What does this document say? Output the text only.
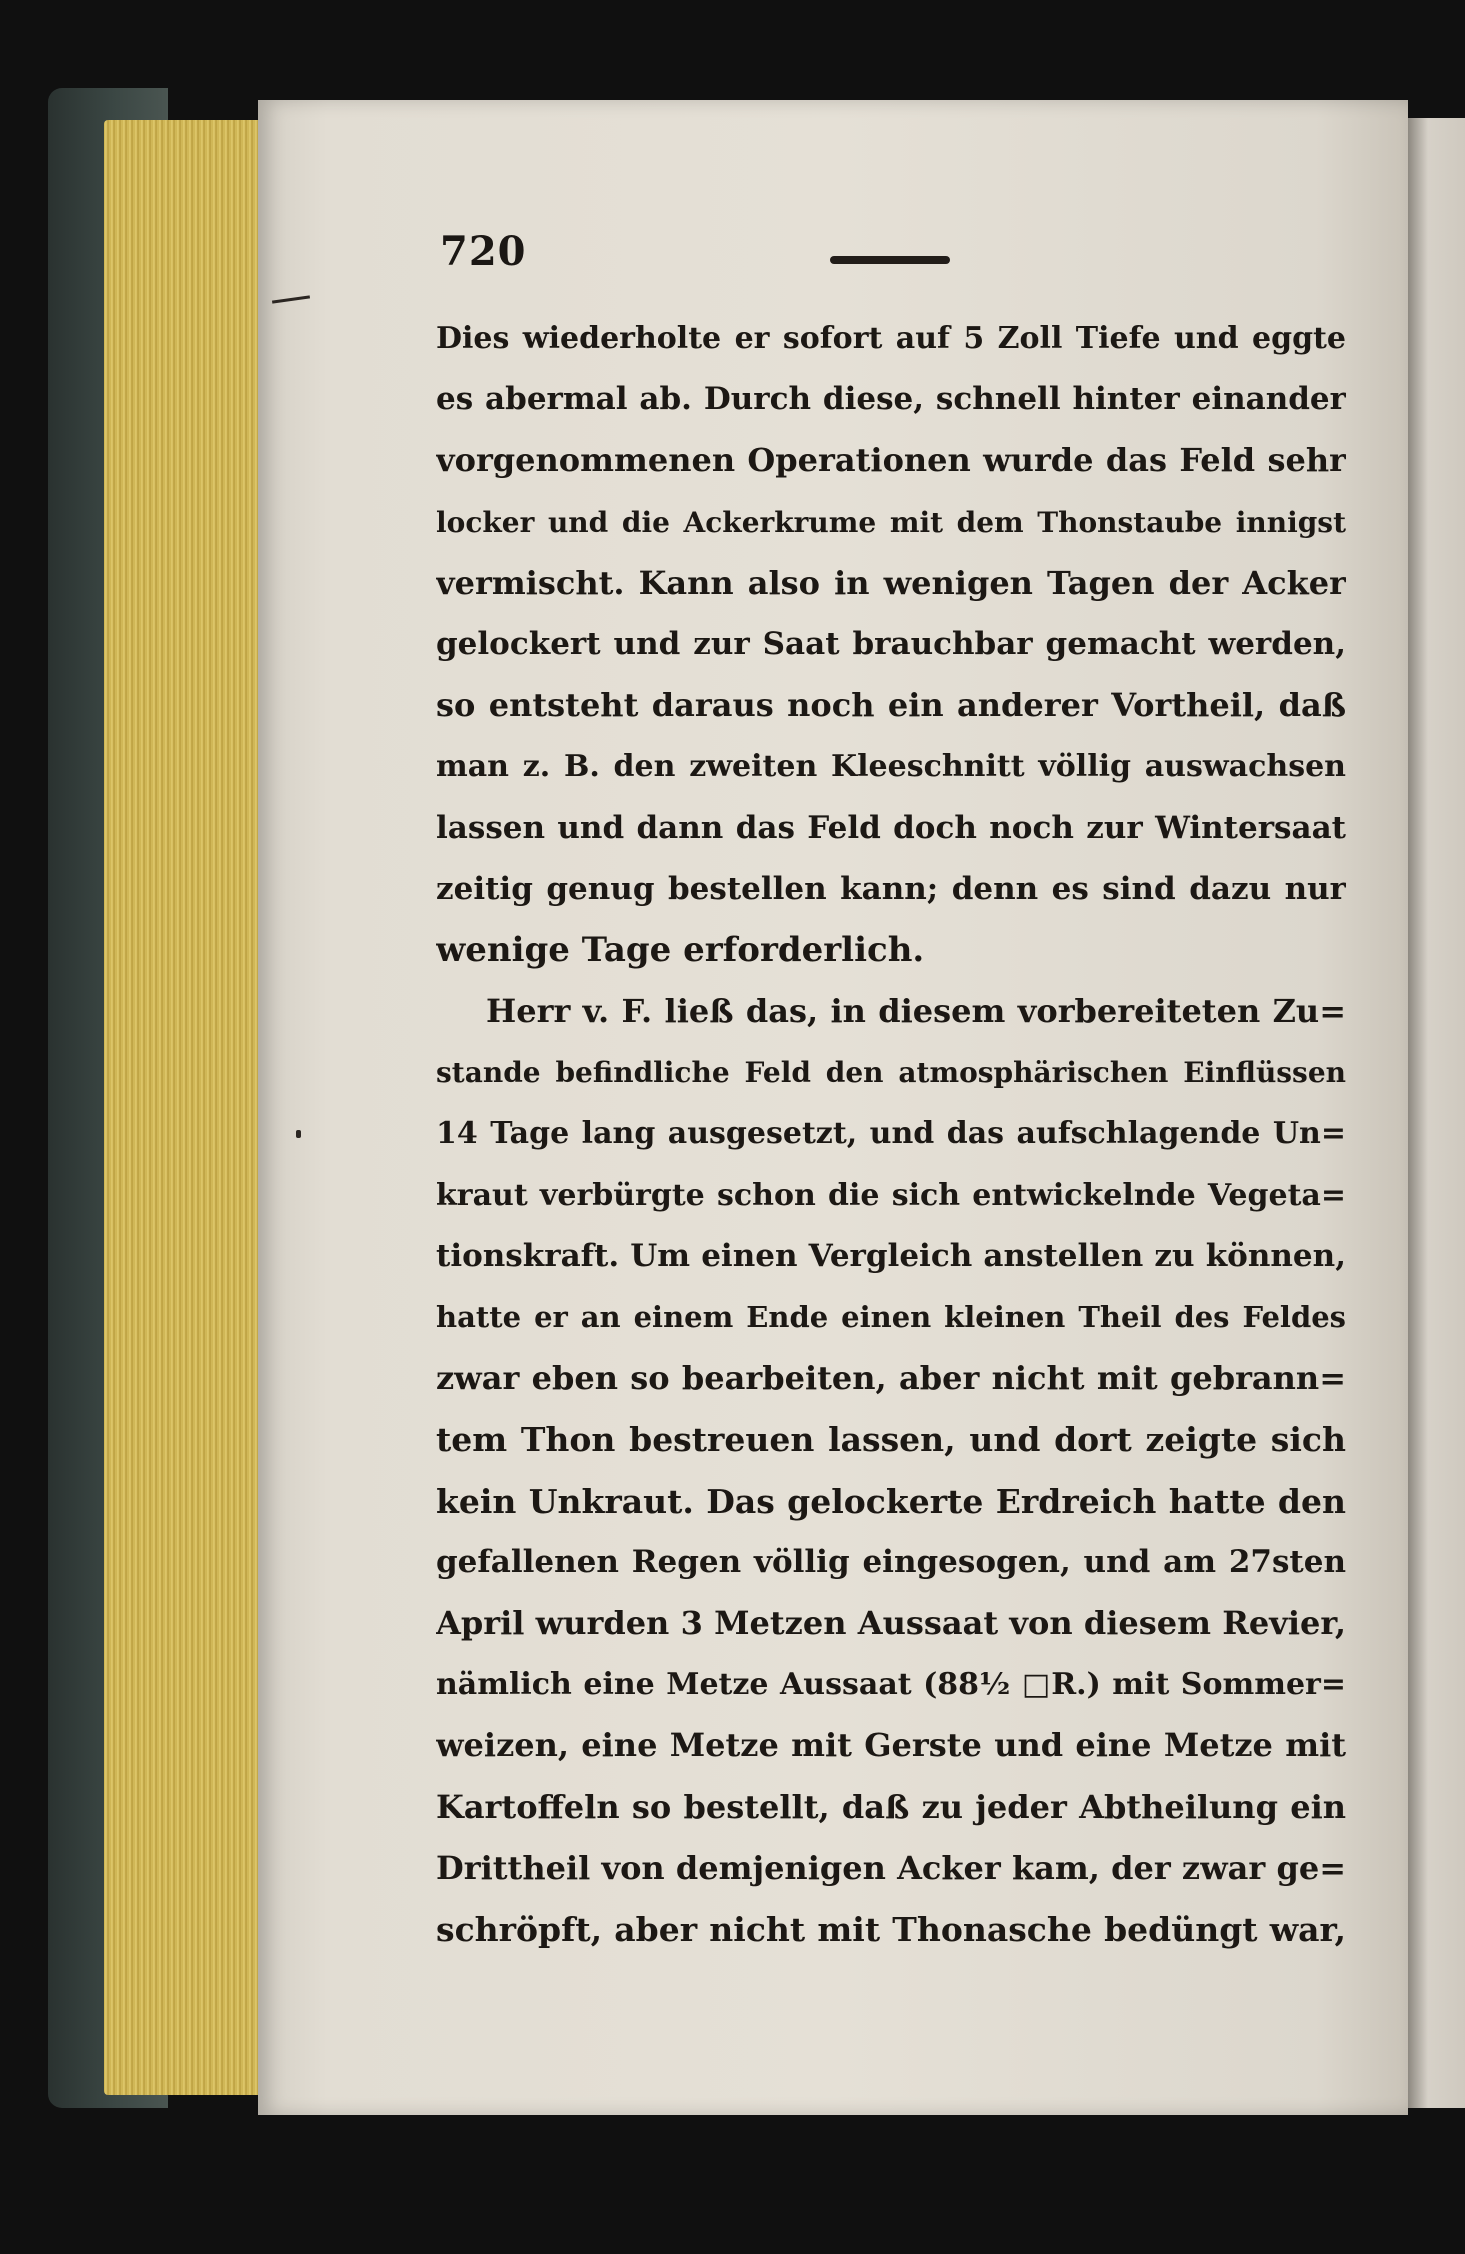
720
Dies wiederholte er sofort auf 5 Zoll Tiefe und eggte
es abermal ab. Durch diese, schnell hinter einander
vorgenommenen Operationen wurde das Feld sehr
locker und die Ackerkrume mit dem Thonstaube innigst
vermischt. Kann also in wenigen Tagen der Acker
gelockert und zur Saat brauchbar gemacht werden,
so entsteht daraus noch ein anderer Vortheil, daß
man z. B. den zweiten Kleeschnitt völlig auswachsen
lassen und dann das Feld doch noch zur Wintersaat
zeitig genug bestellen kann; denn es sind dazu nur
wenige Tage erforderlich.
Herr v. F. ließ das, in diesem vorbereiteten Zu=
stande befindliche Feld den atmosphärischen Einflüssen
14 Tage lang ausgesetzt, und das aufschlagende Un=
kraut verbürgte schon die sich entwickelnde Vegeta=
tionskraft. Um einen Vergleich anstellen zu können,
hatte er an einem Ende einen kleinen Theil des Feldes
zwar eben so bearbeiten, aber nicht mit gebrann=
tem Thon bestreuen lassen, und dort zeigte sich
kein Unkraut. Das gelockerte Erdreich hatte den
gefallenen Regen völlig eingesogen, und am 27sten
April wurden 3 Metzen Aussaat von diesem Revier,
nämlich eine Metze Aussaat (88½ □R.) mit Sommer=
weizen, eine Metze mit Gerste und eine Metze mit
Kartoffeln so bestellt, daß zu jeder Abtheilung ein
Drittheil von demjenigen Acker kam, der zwar ge=
schröpft, aber nicht mit Thonasche bedüngt war,
